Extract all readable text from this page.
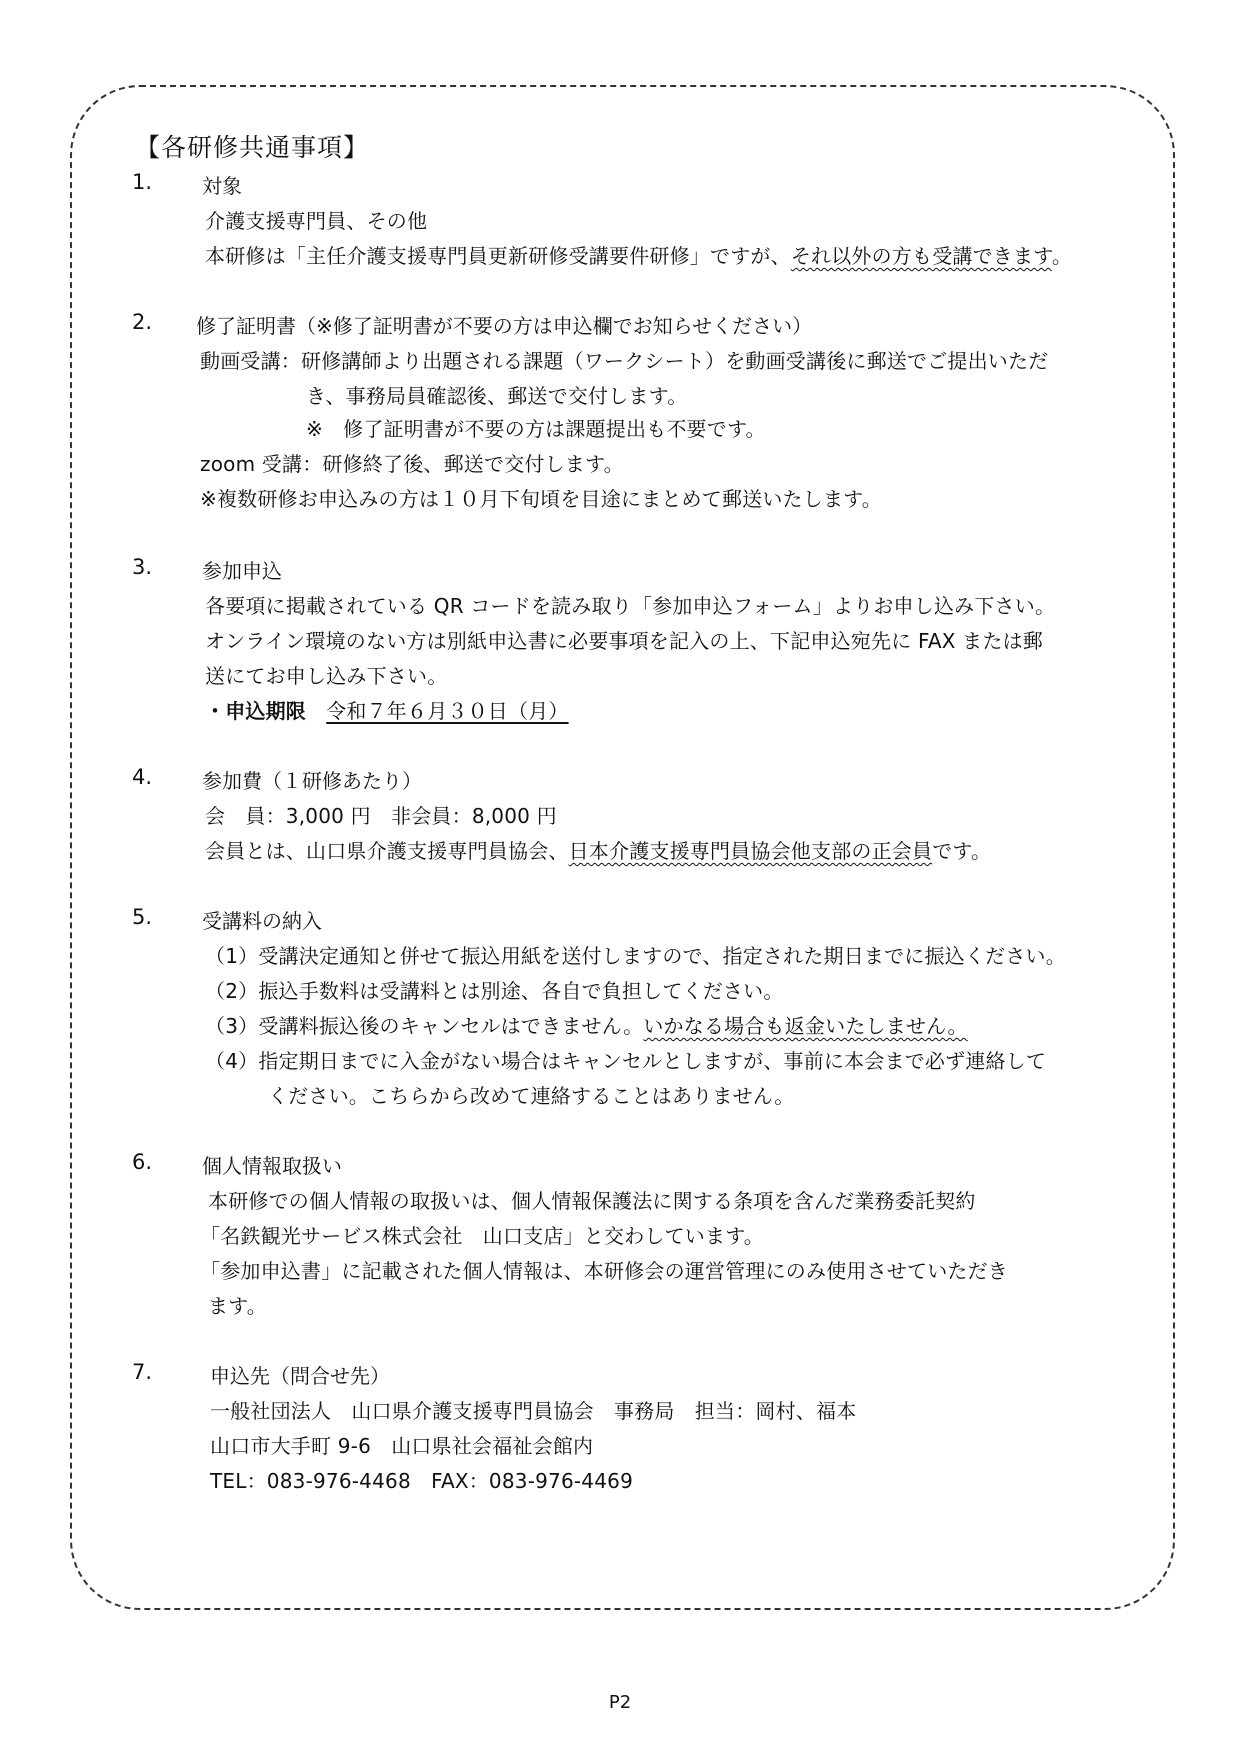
【各研修共通事項】
1. 対象
介護支援専門員、その他
本研修は「主任介護支援専門員更新研修受講要件研修」ですが、それ以外の方も受講できます。
2. 修了証明書（※修了証明書が不要の方は申込欄でお知らせください）
動画受講：研修講師より出題される課題（ワークシート）を動画受講後に郵送でご提出いただ
き、事務局員確認後、郵送で交付します。
※　修了証明書が不要の方は課題提出も不要です。
zoom 受講：研修終了後、郵送で交付します。
※複数研修お申込みの方は１０月下旬頃を目途にまとめて郵送いたします。
3. 参加申込
各要項に掲載されている QR コードを読み取り「参加申込フォーム」よりお申し込み下さい。
オンライン環境のない方は別紙申込書に必要事項を記入の上、下記申込宛先に FAX または郵
送にてお申し込み下さい。
・申込期限　 令和７年６月３０日（月）
4. 参加費（１研修あたり）
会　員：3,000 円　非会員：8,000 円
会員とは、山口県介護支援専門員協会、日本介護支援専門員協会他支部の正会員です。
5. 受講料の納入
（1）受講決定通知と併せて振込用紙を送付しますので、指定された期日までに振込ください。
（2）振込手数料は受講料とは別途、各自で負担してください。
（3）受講料振込後のキャンセルはできません。いかなる場合も返金いたしません。
（4）指定期日までに入金がない場合はキャンセルとしますが、事前に本会まで必ず連絡して
ください。こちらから改めて連絡することはありません。
6. 個人情報取扱い
本研修での個人情報の取扱いは、個人情報保護法に関する条項を含んだ業務委託契約
「名鉄観光サービス株式会社　山口支店」と交わしています。
「参加申込書」に記載された個人情報は、本研修会の運営管理にのみ使用させていただき
ます。
7.	申込先（問合せ先）
一般社団法人　山口県介護支援専門員協会　事務局　担当：岡村、福本
山口市大手町 9-6　山口県社会福祉会館内
TEL：083-976-4468　FAX：083-976-4469
P2
